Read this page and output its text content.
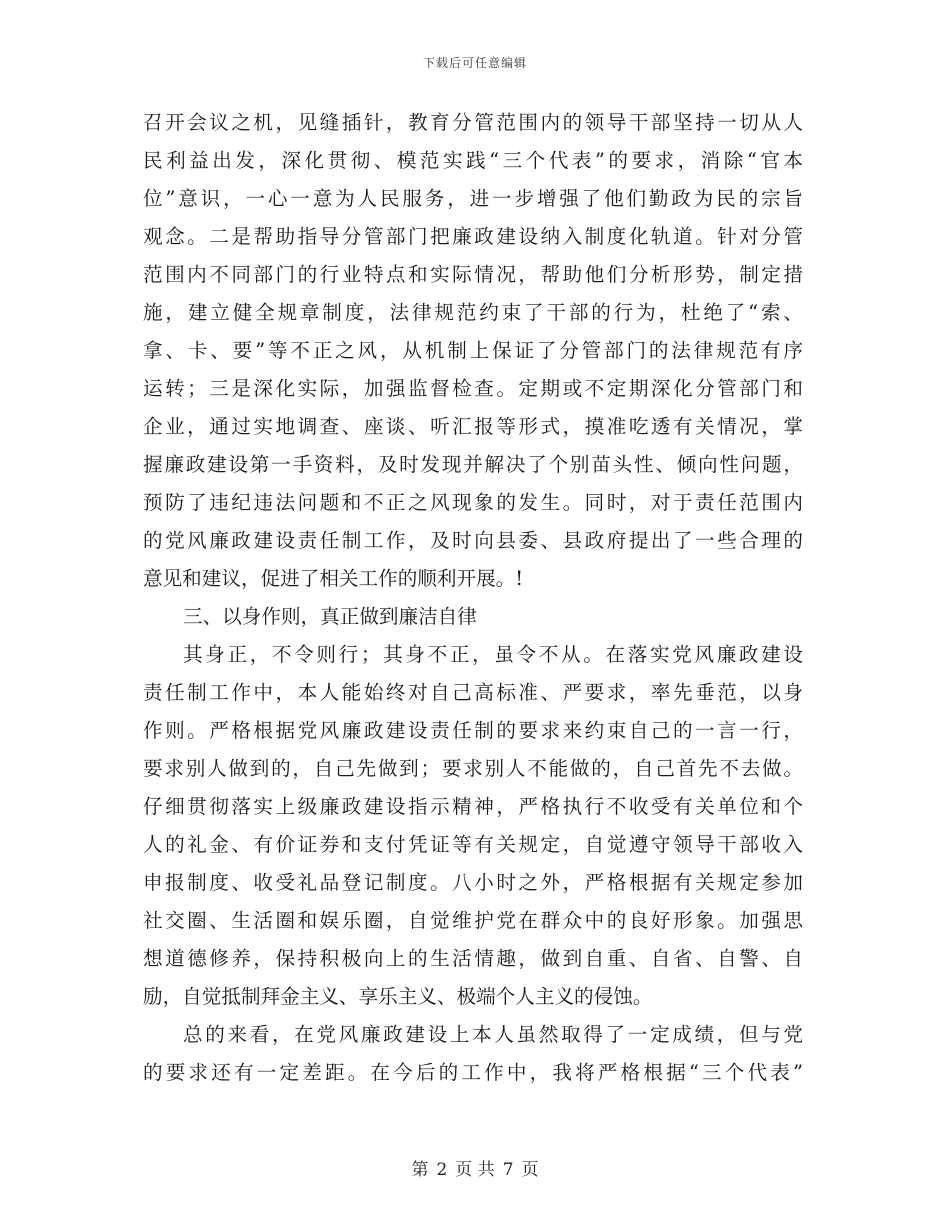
下载后可任意编辑
召开会议之机，见缝插针，教育分管范围内的领导干部坚持一切从人
民利益出发，深化贯彻、模范实践“三个代表”的要求，消除“官本
位”意识，一心一意为人民服务，进一步增强了他们勤政为民的宗旨
观念。二是帮助指导分管部门把廉政建设纳入制度化轨道。针对分管
范围内不同部门的行业特点和实际情况，帮助他们分析形势，制定措
施，建立健全规章制度，法律规范约束了干部的行为，杜绝了“索、
拿、卡、要”等不正之风，从机制上保证了分管部门的法律规范有序
运转；三是深化实际，加强监督检查。定期或不定期深化分管部门和
企业，通过实地调查、座谈、听汇报等形式，摸准吃透有关情况，掌
握廉政建设第一手资料，及时发现并解决了个别苗头性、倾向性问题，
预防了违纪违法问题和不正之风现象的发生。同时，对于责任范围内
的党风廉政建设责任制工作，及时向县委、县政府提出了一些合理的
意见和建议，促进了相关工作的顺利开展。!
三、以身作则，真正做到廉洁自律
其身正，不令则行；其身不正，虽令不从。在落实党风廉政建设
责任制工作中，本人能始终对自己高标准、严要求，率先垂范，以身
作则。严格根据党风廉政建设责任制的要求来约束自己的一言一行，
要求别人做到的，自己先做到；要求别人不能做的，自己首先不去做。
仔细贯彻落实上级廉政建设指示精神，严格执行不收受有关单位和个
人的礼金、有价证券和支付凭证等有关规定，自觉遵守领导干部收入
申报制度、收受礼品登记制度。八小时之外，严格根据有关规定参加
社交圈、生活圈和娱乐圈，自觉维护党在群众中的良好形象。加强思
想道德修养，保持积极向上的生活情趣，做到自重、自省、自警、自
励，自觉抵制拜金主义、享乐主义、极端个人主义的侵蚀。
总的来看，在党风廉政建设上本人虽然取得了一定成绩，但与党
的要求还有一定差距。在今后的工作中，我将严格根据“三个代表”
第 2 页 共 7 页
